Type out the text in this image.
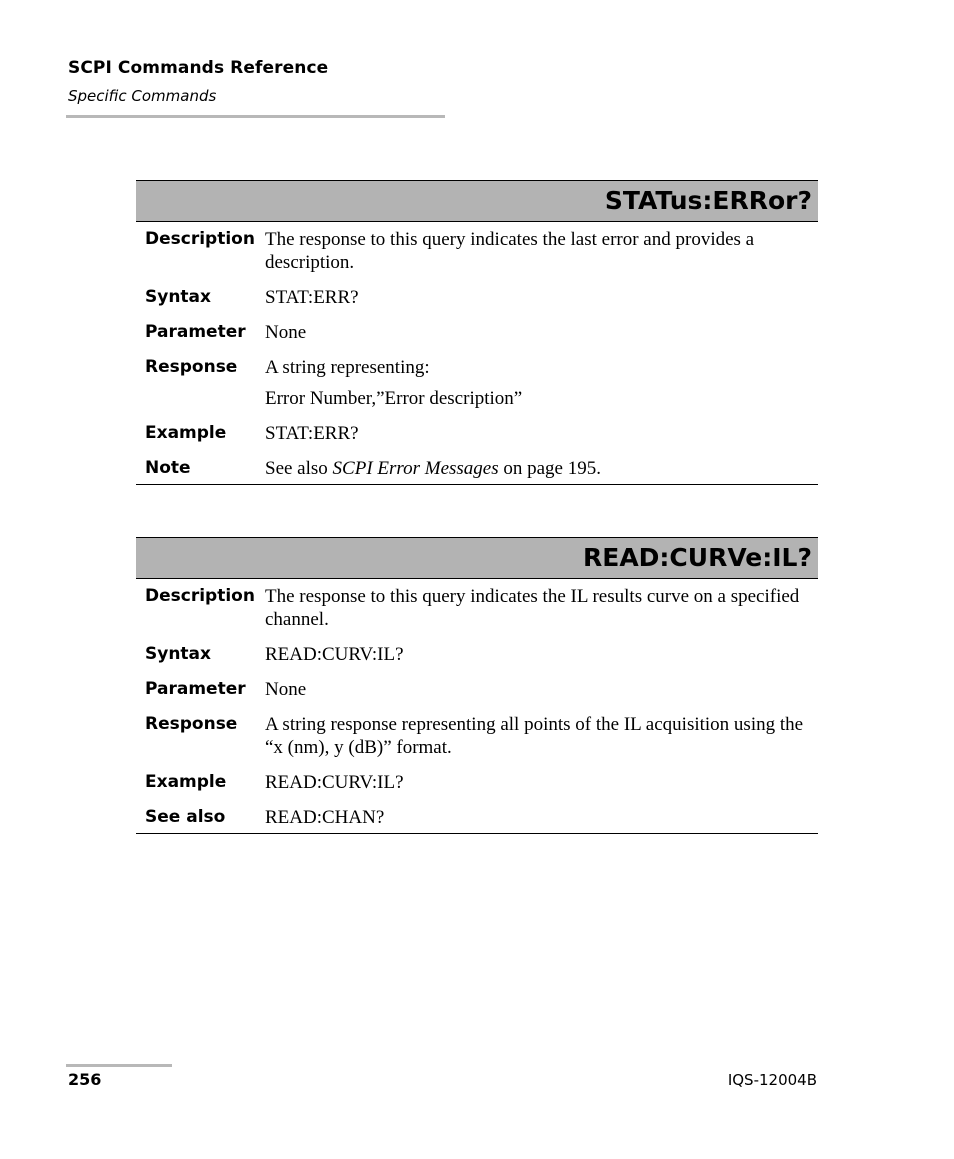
SCPI Commands Reference
Specific Commands
STATus:ERRor?
Description The response to this query indicates the last error and provides a description.
Syntax	STAT:ERR?
Parameter	None
Response	A string representing:

Error Number,”Error description”

Example	STAT:ERR?
Note	See also SCPI Error Messages on page 195.
READ:CURVe:IL?
Description The response to this query indicates the IL results curve on a specified channel.
Syntax	READ:CURV:IL?
Parameter	None
Response	A string response representing all points of the IL acquisition using the “x (nm), y (dB)” format.
Example	READ:CURV:IL?
See also	READ:CHAN?
256	IQS-12004B
